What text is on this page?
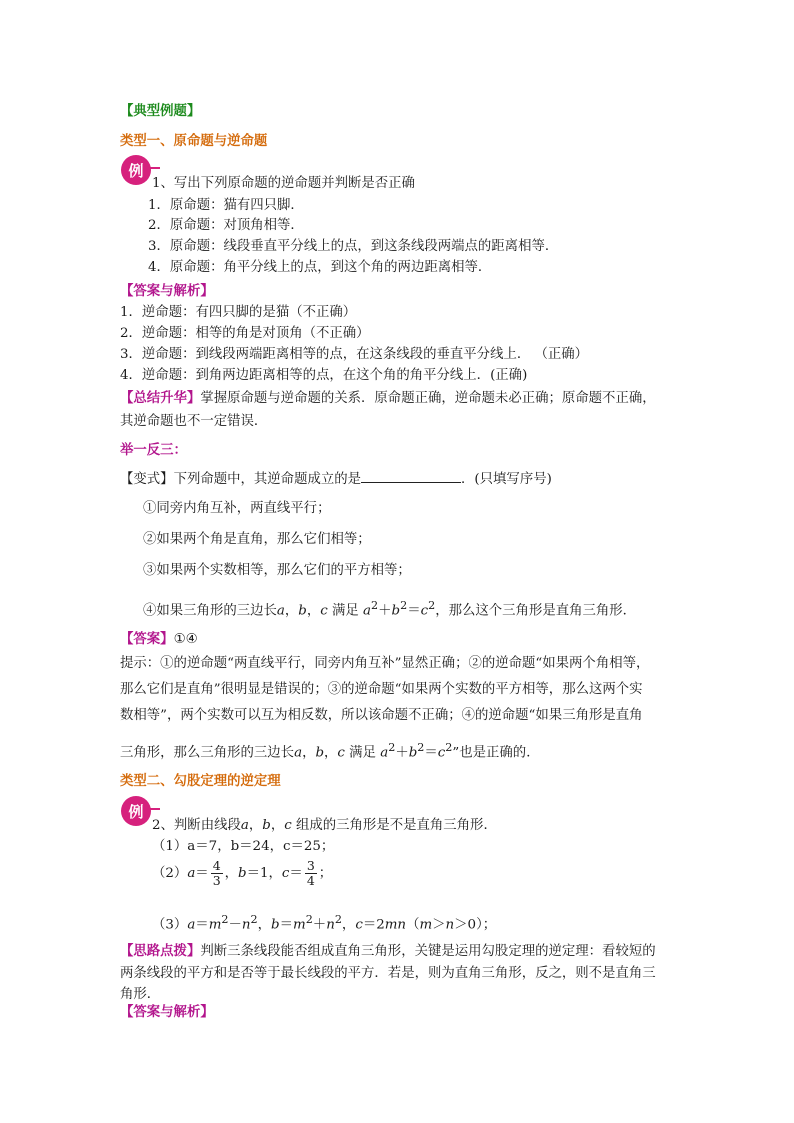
【典型例题】
类型一、原命题与逆命题
例
1、写出下列原命题的逆命题并判断是否正确
1．原命题：猫有四只脚．
2．原命题：对顶角相等．
3．原命题：线段垂直平分线上的点，到这条线段两端点的距离相等．
4．原命题：角平分线上的点，到这个角的两边距离相等．
【答案与解析】
1．逆命题：有四只脚的是猫（不正确）
2．逆命题：相等的角是对顶角（不正确）
3．逆命题：到线段两端距离相等的点，在这条线段的垂直平分线上． （正确）
4．逆命题：到角两边距离相等的点，在这个角的角平分线上．(正确)
【总结升华】掌握原命题与逆命题的关系．原命题正确，逆命题未必正确；原命题不正确，
其逆命题也不一定错误．
举一反三：
【变式】下列命题中，其逆命题成立的是	．(只填写序号)
①同旁内角互补，两直线平行；
②如果两个角是直角，那么它们相等；
③如果两个实数相等，那么它们的平方相等；
④如果三角形的三边长a，b，c 满足 $a^2+b^2=c^2$，那么这个三角形是直角三角形．
【答案】①④
提示：①的逆命题“两直线平行，同旁内角互补”显然正确；②的逆命题“如果两个角相等，
那么它们是直角”很明显是错误的；③的逆命题“如果两个实数的平方相等，那么这两个实
数相等”，两个实数可以互为相反数，所以该命题不正确；④的逆命题“如果三角形是直角
三角形，那么三角形的三边长a，b，c 满足 $a^2+b^2=c^2$”也是正确的．
类型二、勾股定理的逆定理
例
2、判断由线段a，b，c 组成的三角形是不是直角三角形．
（1）a＝7，b＝24，c＝25；
$(2)a= \frac{4}{3}$ ，b＝1，$c= \frac{3}{4}$ ；
$(3)a=m^2-n^2$，$b=m^2+n^2$，c＝2mn（m＞n＞0）；
【思路点拨】判断三条线段能否组成直角三角形，关键是运用勾股定理的逆定理：看较短的
两条线段的平方和是否等于最长线段的平方．若是，则为直角三角形，反之，则不是直角三
角形．
【答案与解析】
